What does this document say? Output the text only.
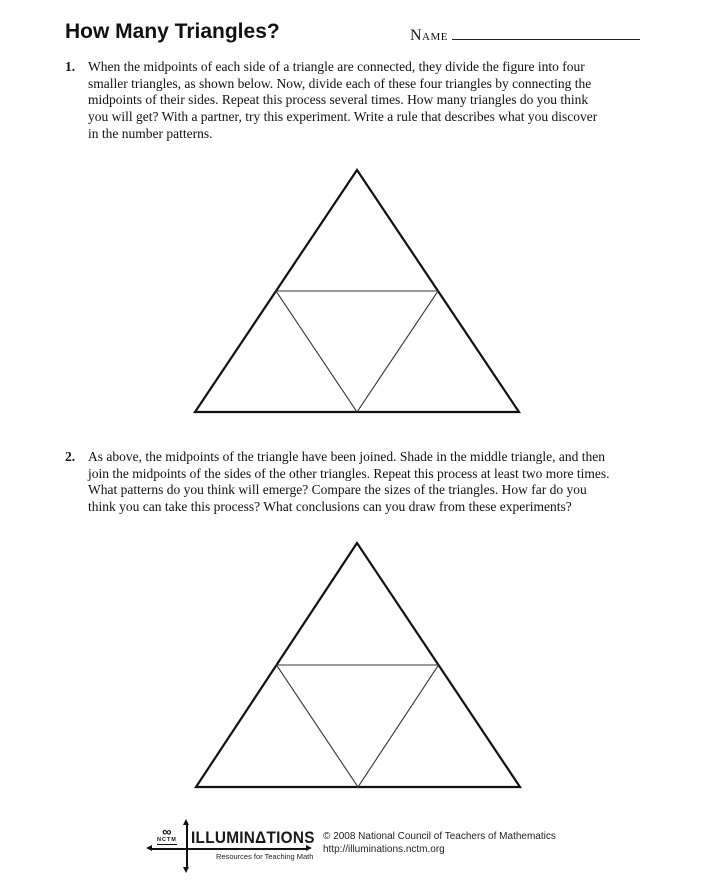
How Many Triangles?	Name
1. When the midpoints of each side of a triangle are connected, they divide the figure into four
smaller triangles, as shown below. Now, divide each of these four triangles by connecting the
midpoints of their sides. Repeat this process several times. How many triangles do you think
you will get? With a partner, try this experiment. Write a rule that describes what you discover
in the number patterns.
2. As above, the midpoints of the triangle have been joined. Shade in the middle triangle, and then
join the midpoints of the sides of the other triangles. Repeat this process at least two more times.
What patterns do you think will emerge? Compare the sizes of the triangles. How far do you
think you can take this process? What conclusions can you draw from these experiments?
∞
NCTM ILLUMINΔTIONS
Resources for Teaching Math
© 2008 National Council of Teachers of Mathematics
http://illuminations.nctm.org
